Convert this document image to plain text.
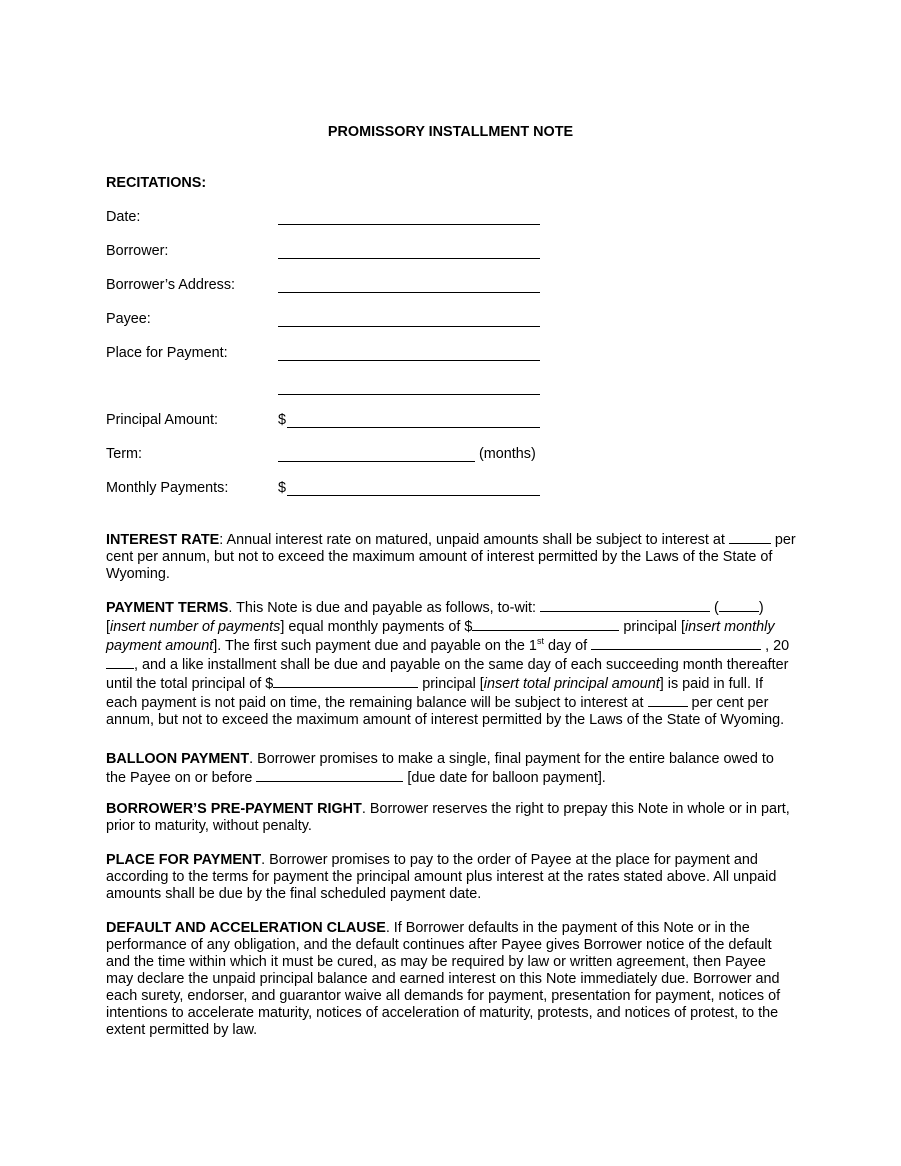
PROMISSORY INSTALLMENT NOTE
RECITATIONS:
Date:
Borrower:
Borrower’s Address:
Payee:
Place for Payment:
Principal Amount:	$
Term:	(months)
Monthly Payments:	$
INTEREST RATE: Annual interest rate on matured, unpaid amounts shall be subject to interest at	per cent per annum, but not to exceed the maximum amount of interest permitted by the Laws of the State of Wyoming.
PAYMENT TERMS. This Note is due and payable as follows, to-wit:	(	) [insert number of payments] equal monthly payments of $	principal [insert monthly payment amount]. The first such payment due and payable on the 1st day of	, 20, and a like installment shall be due and payable on the same day of each succeeding month thereafter until the total principal of $	principal [insert total principal amount] is paid in full. If each payment is not paid on time, the remaining balance will be subject to interest at	per cent per annum, but not to exceed the maximum amount of interest permitted by the Laws of the State of Wyoming.
BALLOON PAYMENT. Borrower promises to make a single, final payment for the entire balance owed to the Payee on or before	[due date for balloon payment].
BORROWER’S PRE-PAYMENT RIGHT. Borrower reserves the right to prepay this Note in whole or in part, prior to maturity, without penalty.
PLACE FOR PAYMENT. Borrower promises to pay to the order of Payee at the place for payment and according to the terms for payment the principal amount plus interest at the rates stated above. All unpaid amounts shall be due by the final scheduled payment date.
DEFAULT AND ACCELERATION CLAUSE. If Borrower defaults in the payment of this Note or in the performance of any obligation, and the default continues after Payee gives Borrower notice of the default and the time within which it must be cured, as may be required by law or written agreement, then Payee may declare the unpaid principal balance and earned interest on this Note immediately due. Borrower and each surety, endorser, and guarantor waive all demands for payment, presentation for payment, notices of intentions to accelerate maturity, notices of acceleration of maturity, protests, and notices of protest, to the extent permitted by law.
